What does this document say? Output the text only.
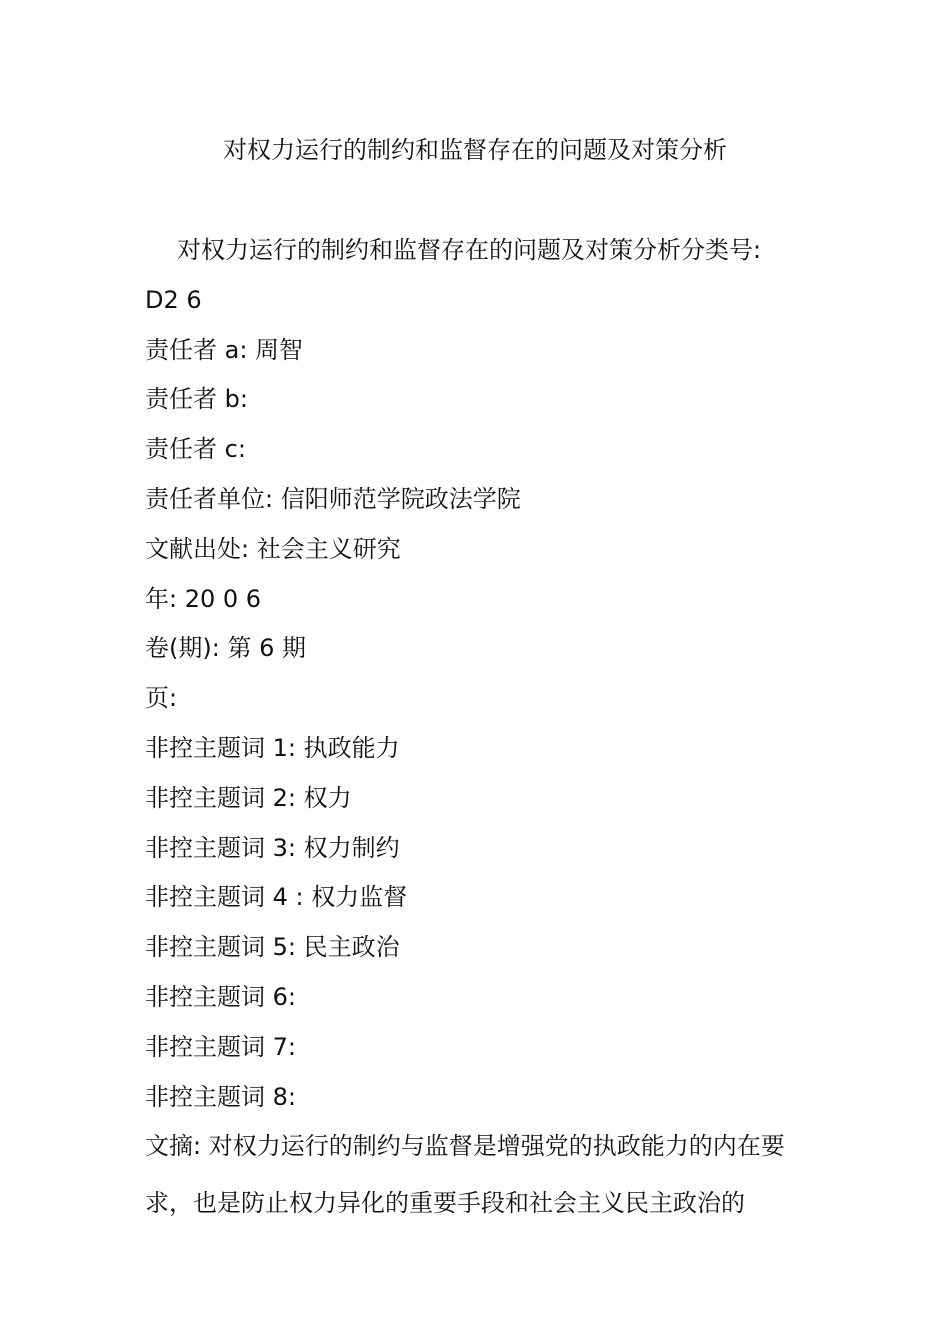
对权力运行的制约和监督存在的问题及对策分析
对权力运行的制约和监督存在的问题及对策分析分类号:
D2 6
责任者 a: 周智
责任者 b:
责任者 c:
责任者单位: 信阳师范学院政法学院
文献出处: 社会主义研究
年: 20 0 6
卷(期): 第 6 期
页:
非控主题词 1: 执政能力
非控主题词 2: 权力
非控主题词 3: 权力制约
非控主题词 4 : 权力监督
非控主题词 5: 民主政治
非控主题词 6:
非控主题词 7:
非控主题词 8:
文摘: 对权力运行的制约与监督是增强党的执政能力的内在要求，也是防止权力异化的重要手段和社会主义民主政治的
